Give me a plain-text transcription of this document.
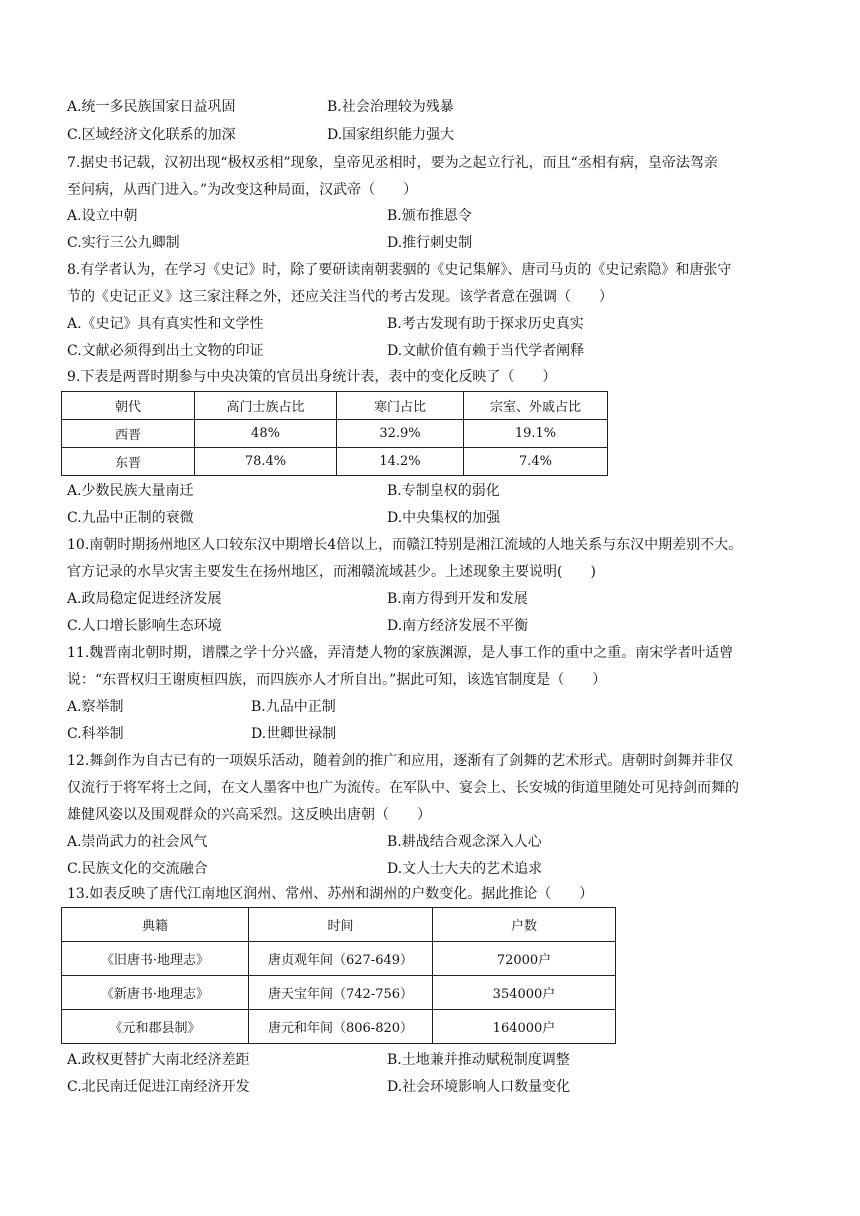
A.统一多民族国家日益巩固	B.社会治理较为残暴
C.区域经济文化联系的加深	D.国家组织能力强大
7.据史书记载，汉初出现“极权丞相”现象，皇帝见丞相时，要为之起立行礼，而且“丞相有病，皇帝法驾亲
至问病，从西门进入。”为改变这种局面，汉武帝（　　）
A.设立中朝	B.颁布推恩令
C.实行三公九卿制	D.推行刺史制
8.有学者认为，在学习《史记》时，除了要研读南朝裴骃的《史记集解》、唐司马贞的《史记索隐》和唐张守
节的《史记正义》这三家注释之外，还应关注当代的考古发现。该学者意在强调（　　）
A.《史记》具有真实性和文学性	B.考古发现有助于探求历史真实
C.文献必须得到出土文物的印证	D.文献价值有赖于当代学者阐释
9.下表是两晋时期参与中央决策的官员出身统计表，表中的变化反映了（　　）
朝代	高门士族占比	寒门占比	宗室、外戚占比
西晋	48%	32.9%	19.1%
东晋	78.4%	14.2%	7.4%
A.少数民族大量南迁	B.专制皇权的弱化
C.九品中正制的衰微	D.中央集权的加强
10.南朝时期扬州地区人口较东汉中期增长4倍以上，而赣江特别是湘江流域的人地关系与东汉中期差别不大。
官方记录的水旱灾害主要发生在扬州地区，而湘赣流域甚少。上述现象主要说明(　　)
A.政局稳定促进经济发展	B.南方得到开发和发展
C.人口增长影响生态环境	D.南方经济发展不平衡
11.魏晋南北朝时期，谱牒之学十分兴盛，弄清楚人物的家族渊源，是人事工作的重中之重。南宋学者叶适曾
说：“东晋权归王谢庾桓四族，而四族亦人才所自出。”据此可知，该选官制度是（　　）
A.察举制	B.九品中正制
C.科举制	D.世卿世禄制
12.舞剑作为自古已有的一项娱乐活动，随着剑的推广和应用，逐渐有了剑舞的艺术形式。唐朝时剑舞并非仅
仅流行于将军将士之间，在文人墨客中也广为流传。在军队中、宴会上、长安城的街道里随处可见持剑而舞的
雄健风姿以及围观群众的兴高采烈。这反映出唐朝（　　）
A.崇尚武力的社会风气	B.耕战结合观念深入人心
C.民族文化的交流融合	D.文人士大夫的艺术追求
13.如表反映了唐代江南地区润州、常州、苏州和湖州的户数变化。据此推论（　　）
典籍	时间	户数
《旧唐书·地理志》	唐贞观年间（627-649）	72000户
《新唐书·地理志》	唐天宝年间（742-756）	354000户
《元和郡县制》	唐元和年间（806-820）	164000户
A.政权更替扩大南北经济差距	B.土地兼并推动赋税制度调整
C.北民南迁促进江南经济开发	D.社会环境影响人口数量变化
